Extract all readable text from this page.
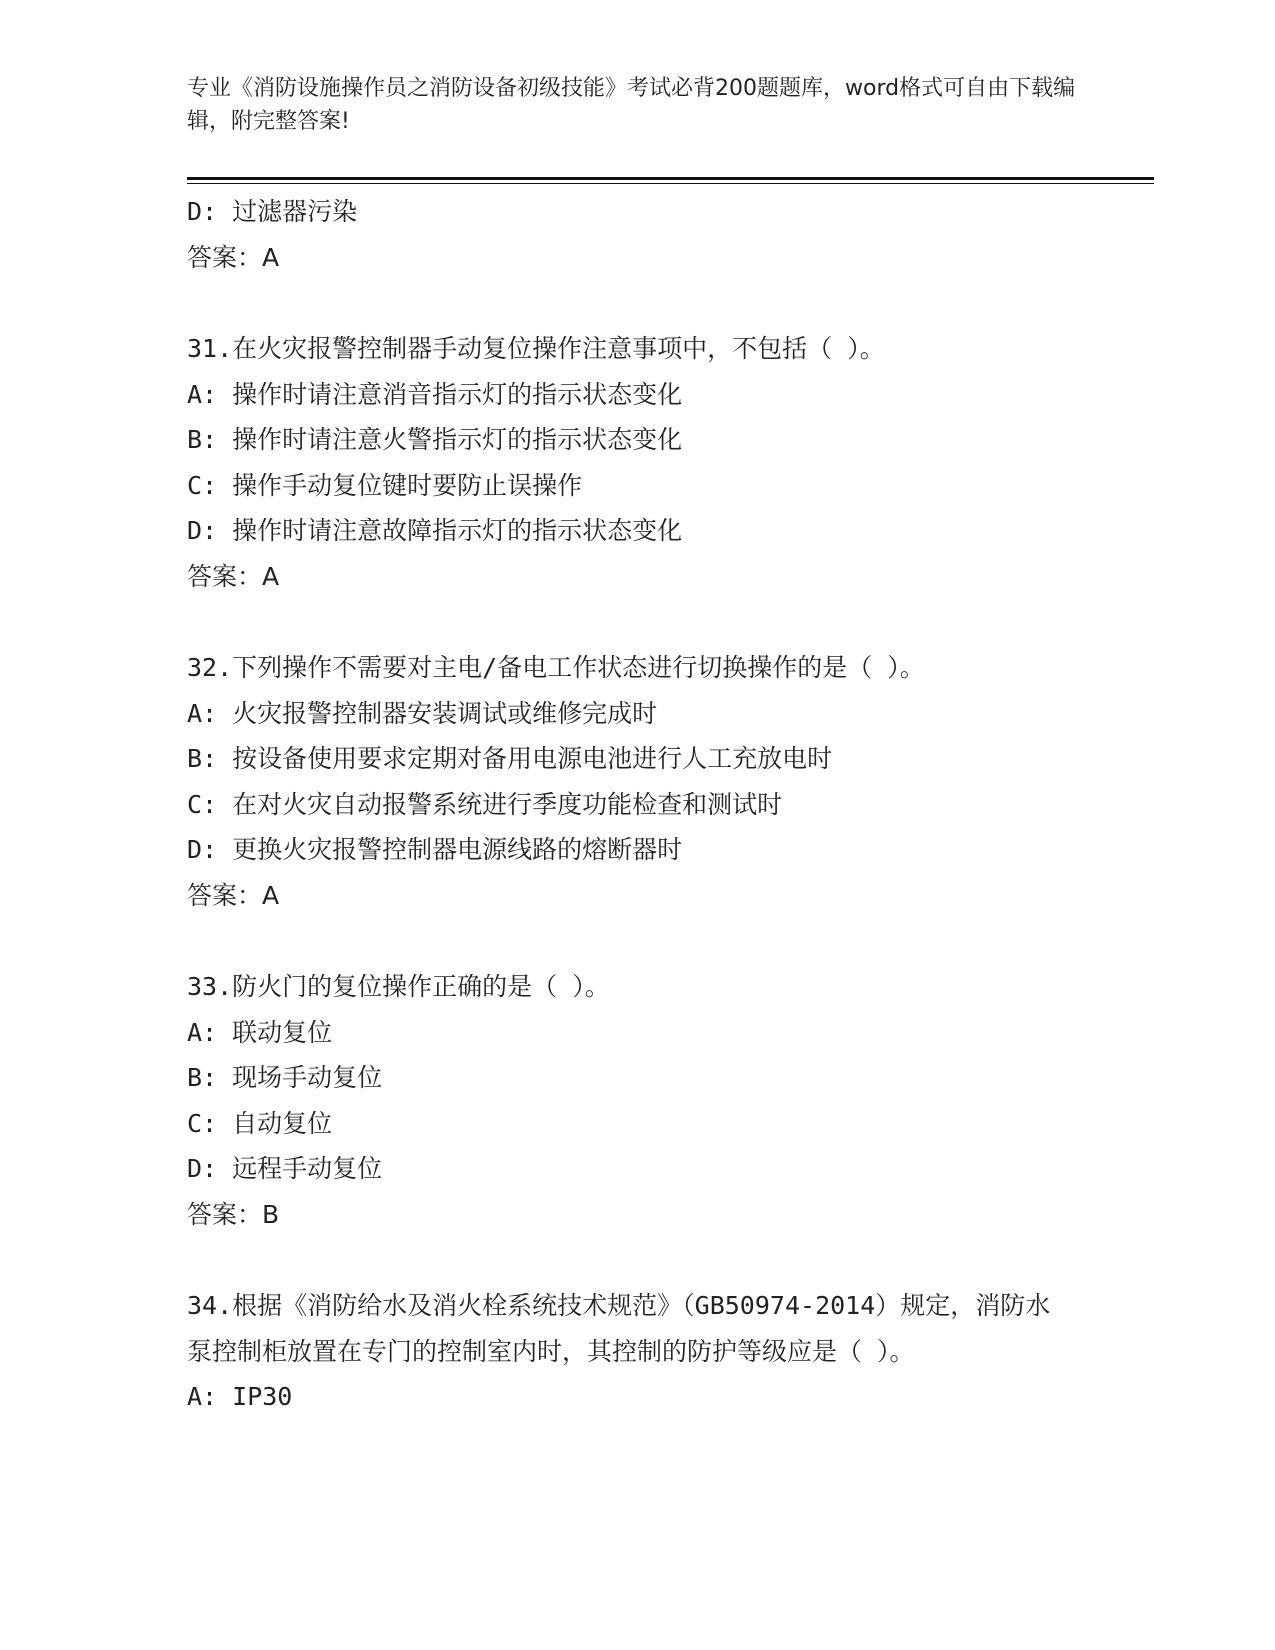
专业《消防设施操作员之消防设备初级技能》考试必背200题题库，word格式可自由下载编辑，附完整答案!
D: 过滤器污染
答案：A
31.在火灾报警控制器手动复位操作注意事项中，不包括（ ）。
A: 操作时请注意消音指示灯的指示状态变化
B: 操作时请注意火警指示灯的指示状态变化
C: 操作手动复位键时要防止误操作
D: 操作时请注意故障指示灯的指示状态变化
答案：A
32.下列操作不需要对主电/备电工作状态进行切换操作的是（ ）。
A: 火灾报警控制器安装调试或维修完成时
B: 按设备使用要求定期对备用电源电池进行人工充放电时
C: 在对火灾自动报警系统进行季度功能检查和测试时
D: 更换火灾报警控制器电源线路的熔断器时
答案：A
33.防火门的复位操作正确的是（ ）。
A: 联动复位
B: 现场手动复位
C: 自动复位
D: 远程手动复位
答案：B
34.根据《消防给水及消火栓系统技术规范》（GB50974-2014）规定，消防水泵控制柜放置在专门的控制室内时，其控制的防护等级应是（ ）。
A: IP30
